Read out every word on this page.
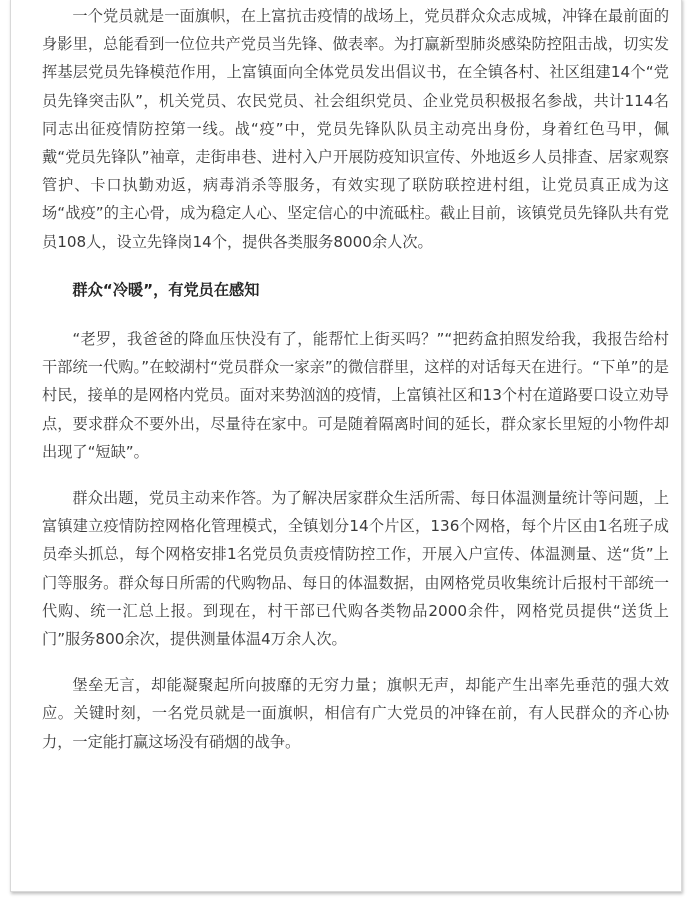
一个党员就是一面旗帜，在上富抗击疫情的战场上，党员群众众志成城，冲锋在最前面的身影里，总能看到一位位共产党员当先锋、做表率。为打赢新型肺炎感染防控阻击战，切实发挥基层党员先锋模范作用，上富镇面向全体党员发出倡议书，在全镇各村、社区组建14个“党员先锋突击队”，机关党员、农民党员、社会组织党员、企业党员积极报名参战，共计114名同志出征疫情防控第一线。战“疫”中，党员先锋队队员主动亮出身份，身着红色马甲，佩戴“党员先锋队”袖章，走街串巷、进村入户开展防疫知识宣传、外地返乡人员排查、居家观察管护、卡口执勤劝返，病毒消杀等服务，有效实现了联防联控进村组，让党员真正成为这场“战疫”的主心骨，成为稳定人心、坚定信心的中流砥柱。截止目前，该镇党员先锋队共有党员108人，设立先锋岗14个，提供各类服务8000余人次。

群众“冷暖”，有党员在感知

“老罗，我爸爸的降血压快没有了，能帮忙上街买吗？”“把药盒拍照发给我，我报告给村干部统一代购。”在蛟湖村“党员群众一家亲”的微信群里，这样的对话每天在进行。“下单”的是村民，接单的是网格内党员。面对来势汹汹的疫情，上富镇社区和13个村在道路要口设立劝导点，要求群众不要外出，尽量待在家中。可是随着隔离时间的延长，群众家长里短的小物件却出现了“短缺”。

群众出题，党员主动来作答。为了解决居家群众生活所需、每日体温测量统计等问题，上富镇建立疫情防控网格化管理模式，全镇划分14个片区，136个网格，每个片区由1名班子成员牵头抓总，每个网格安排1名党员负责疫情防控工作，开展入户宣传、体温测量、送“货”上门等服务。群众每日所需的代购物品、每日的体温数据，由网格党员收集统计后报村干部统一代购、统一汇总上报。到现在，村干部已代购各类物品2000余件，网格党员提供“送货上门”服务800余次，提供测量体温4万余人次。

堡垒无言，却能凝聚起所向披靡的无穷力量；旗帜无声，却能产生出率先垂范的强大效应。关键时刻，一名党员就是一面旗帜，相信有广大党员的冲锋在前，有人民群众的齐心协力，一定能打赢这场没有硝烟的战争。
